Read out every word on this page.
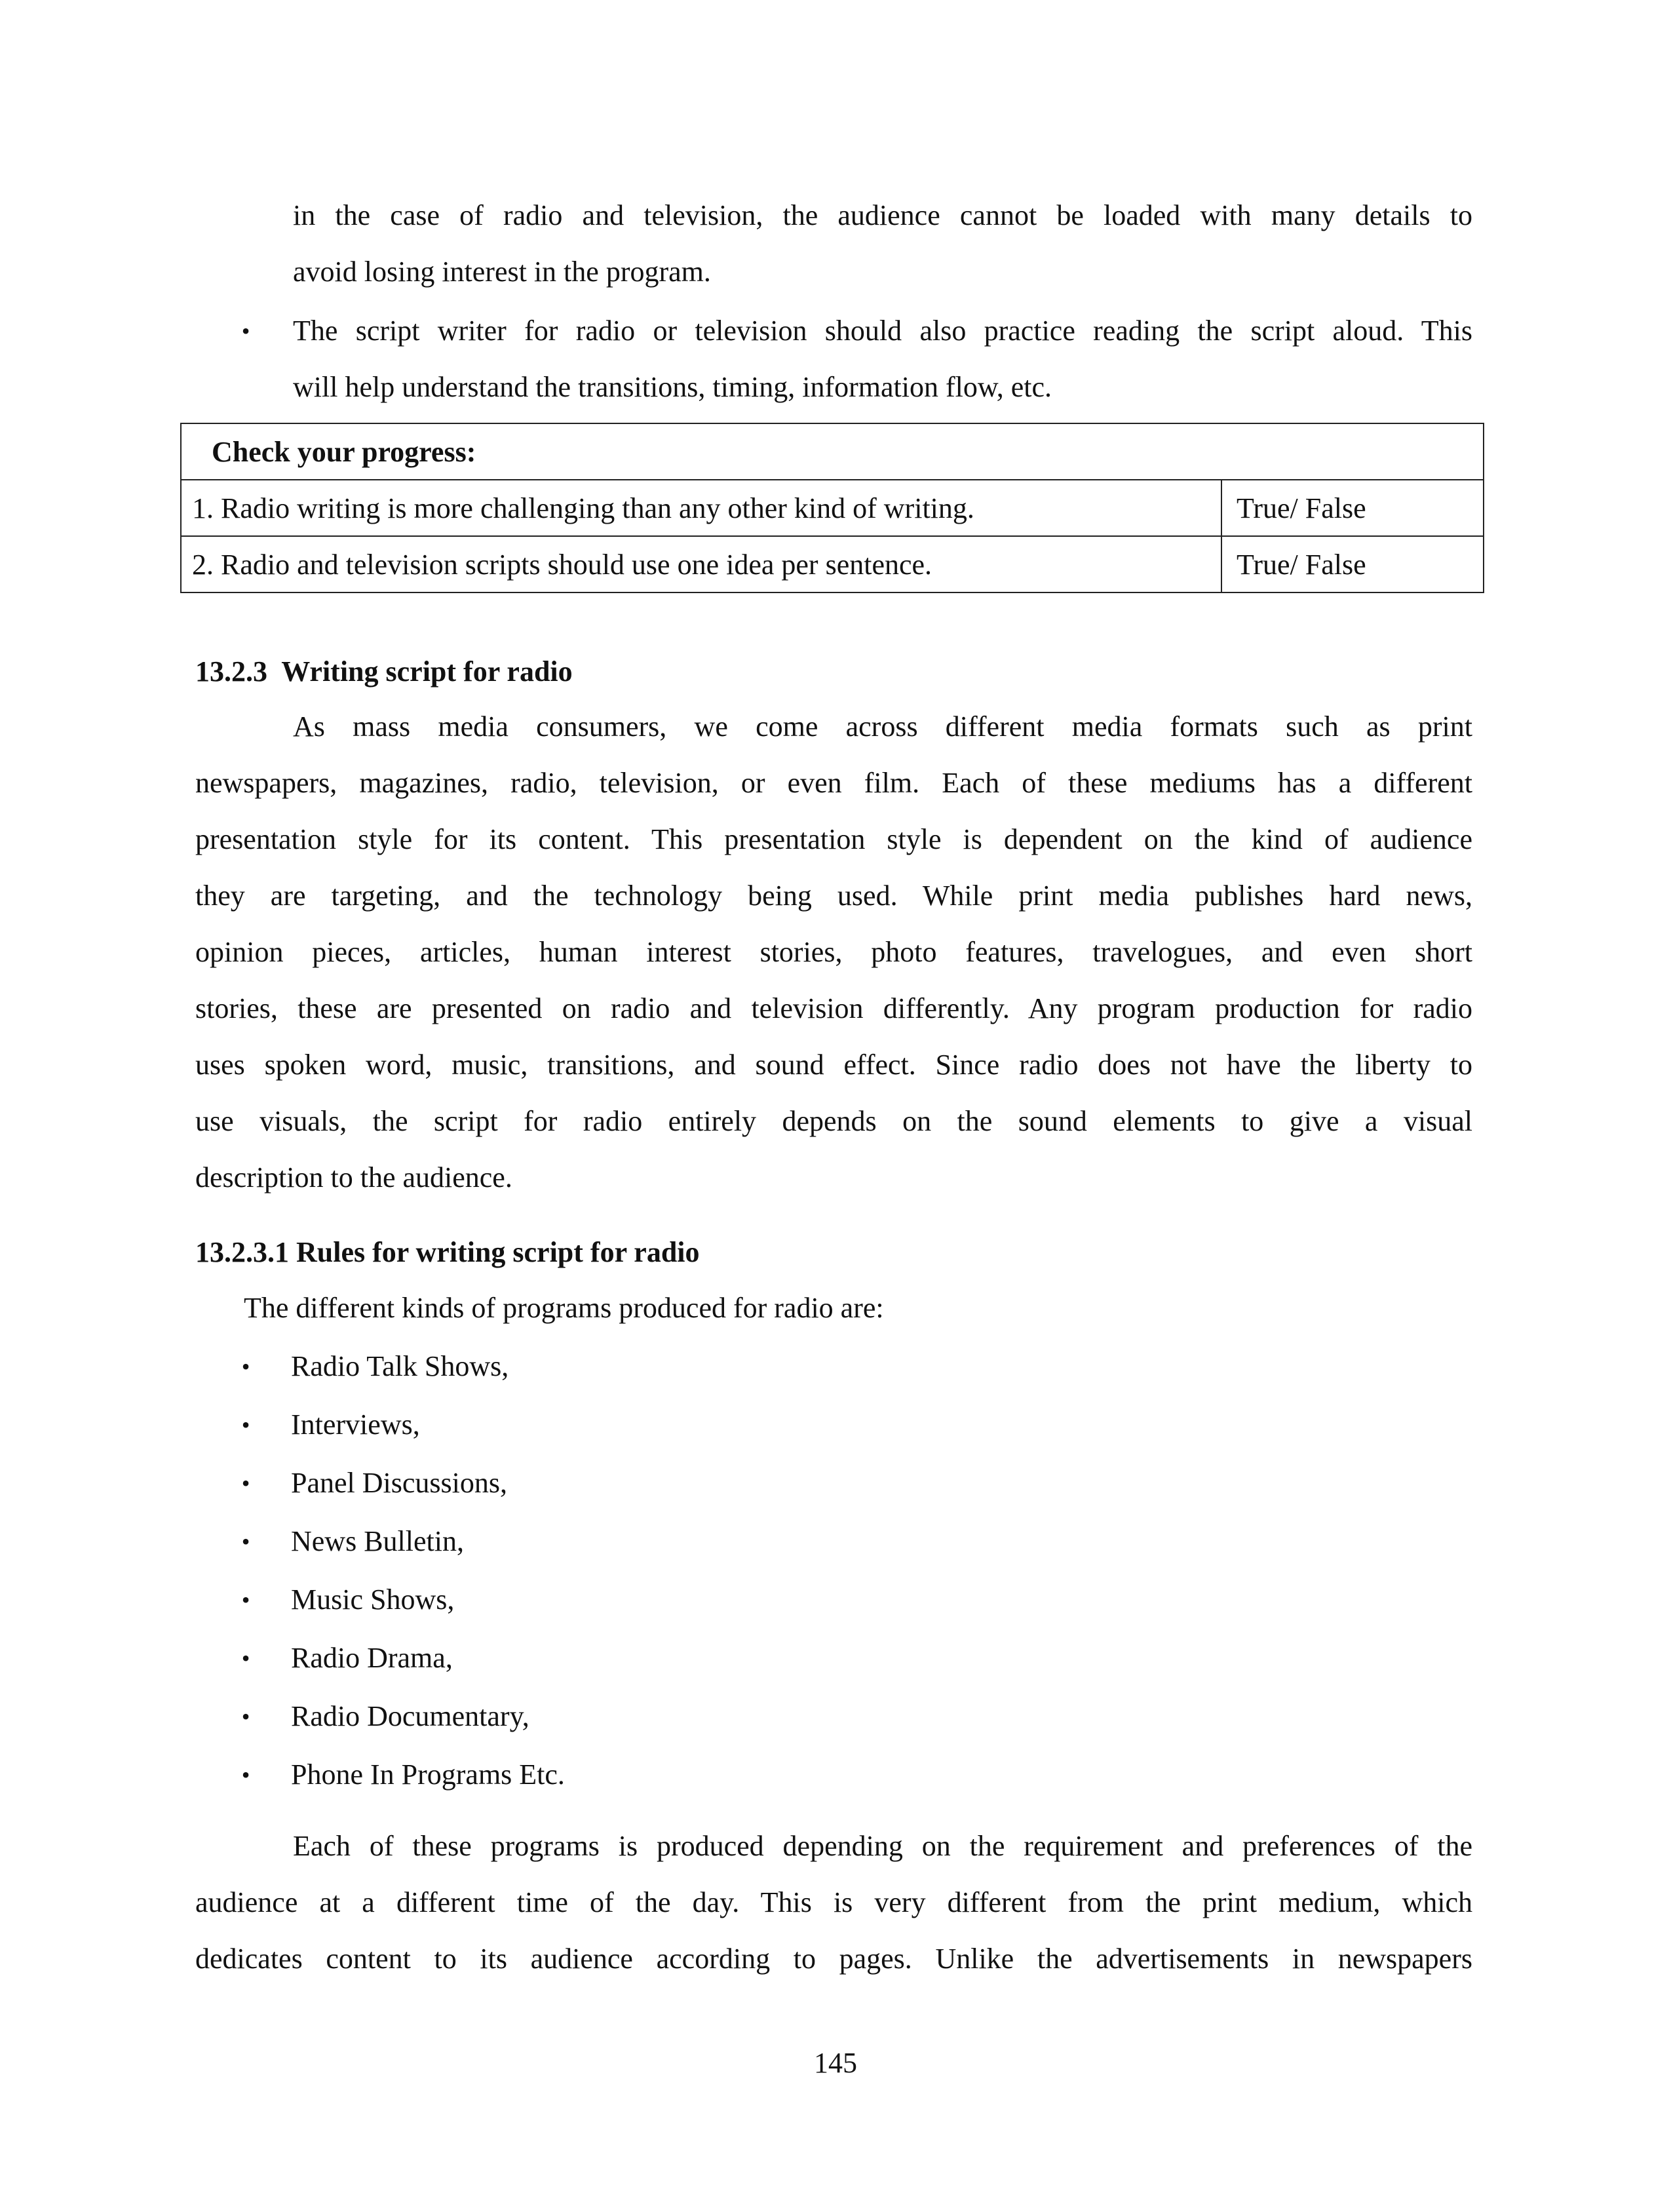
in the case of radio and television, the audience cannot be loaded with many details to
avoid losing interest in the program.
• The script writer for radio or television should also practice reading the script aloud. This
will help understand the transitions, timing, information flow, etc.
Check your progress:	
1. Radio writing is more challenging than any other kind of writing.	True/ False
2. Radio and television scripts should use one idea per sentence.	True/ False
13.2.3  Writing script for radio
As mass media consumers, we come across different media formats such as print
newspapers, magazines, radio, television, or even film. Each of these mediums has a different
presentation style for its content. This presentation style is dependent on the kind of audience
they are targeting, and the technology being used. While print media publishes hard news,
opinion pieces, articles, human interest stories, photo features, travelogues, and even short
stories, these are presented on radio and television differently. Any program production for radio
uses spoken word, music, transitions, and sound effect. Since radio does not have the liberty to
use visuals, the script for radio entirely depends on the sound elements to give a visual
description to the audience.
13.2.3.1 Rules for writing script for radio
The different kinds of programs produced for radio are:
• Radio Talk Shows,
• Interviews,
• Panel Discussions,
• News Bulletin,
• Music Shows,
• Radio Drama,
• Radio Documentary,
• Phone In Programs Etc.
Each of these programs is produced depending on the requirement and preferences of the
audience at a different time of the day. This is very different from the print medium, which
dedicates content to its audience according to pages. Unlike the advertisements in newspapers
145
